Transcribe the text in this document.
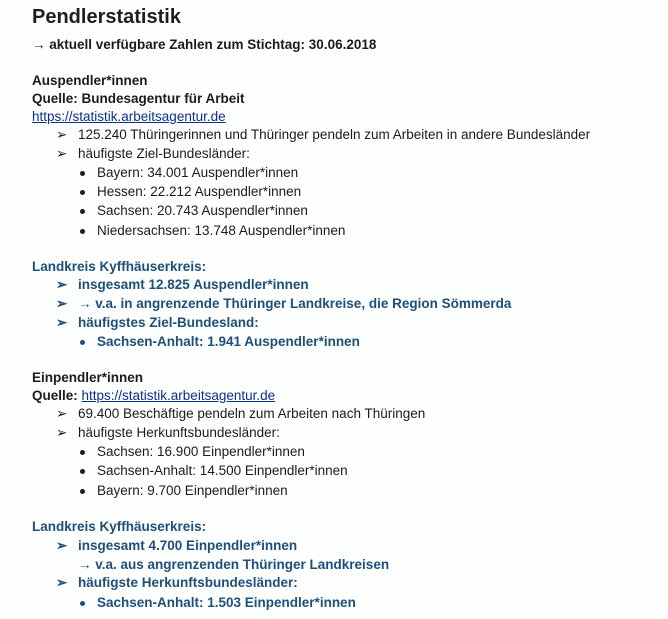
Pendlerstatistik
→ aktuell verfügbare Zahlen zum Stichtag: 30.06.2018
Auspendler*innen
Quelle: Bundesagentur für Arbeit
https://statistik.arbeitsagentur.de
➢ 125.240 Thüringerinnen und Thüringer pendeln zum Arbeiten in andere Bundesländer
➢ häufigste Ziel-Bundesländer:
Bayern: 34.001 Auspendler*innen
Hessen: 22.212 Auspendler*innen
Sachsen: 20.743 Auspendler*innen
Niedersachsen: 13.748 Auspendler*innen
Landkreis Kyffhäuserkreis:
➢ insgesamt 12.825 Auspendler*innen
➢ → v.a. in angrenzende Thüringer Landkreise, die Region Sömmerda
➢ häufigstes Ziel-Bundesland:
Sachsen-Anhalt: 1.941 Auspendler*innen
Einpendler*innen
Quelle: https://statistik.arbeitsagentur.de
➢ 69.400 Beschäftige pendeln zum Arbeiten nach Thüringen
➢ häufigste Herkunftsbundesländer:
Sachsen: 16.900 Einpendler*innen
Sachsen-Anhalt: 14.500 Einpendler*innen
Bayern: 9.700 Einpendler*innen
Landkreis Kyffhäuserkreis:
➢ insgesamt 4.700 Einpendler*innen
→ v.a. aus angrenzenden Thüringer Landkreisen
➢ häufigste Herkunftsbundesländer:
Sachsen-Anhalt: 1.503 Einpendler*innen
